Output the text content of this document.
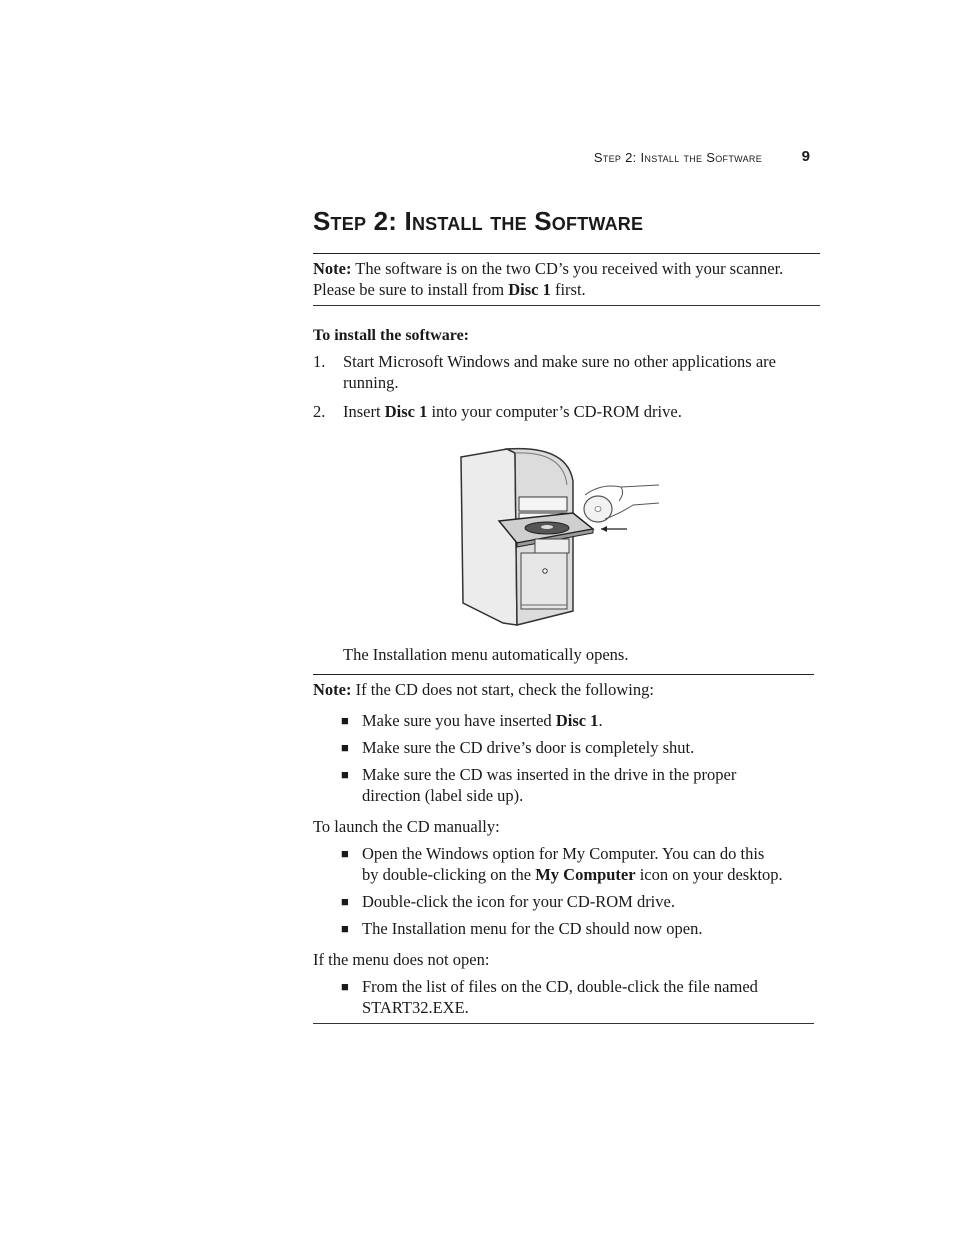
Step 2: Install the Software	9
Step 2: Install the Software
Note: The software is on the two CD’s you received with your scanner.
Please be sure to install from Disc 1 first.
To install the software:
1. Start Microsoft Windows and make sure no other applications are
running.
2. Insert Disc 1 into your computer’s CD-ROM drive.
The Installation menu automatically opens.
Note: If the CD does not start, check the following:
■ Make sure you have inserted Disc 1.
■ Make sure the CD drive’s door is completely shut.
■ Make sure the CD was inserted in the drive in the proper
direction (label side up).
To launch the CD manually:
■ Open the Windows option for My Computer. You can do this
by double-clicking on the My Computer icon on your desktop.
■ Double-click the icon for your CD-ROM drive.
■ The Installation menu for the CD should now open.
If the menu does not open:
■ From the list of files on the CD, double-click the file named
START32.EXE.
